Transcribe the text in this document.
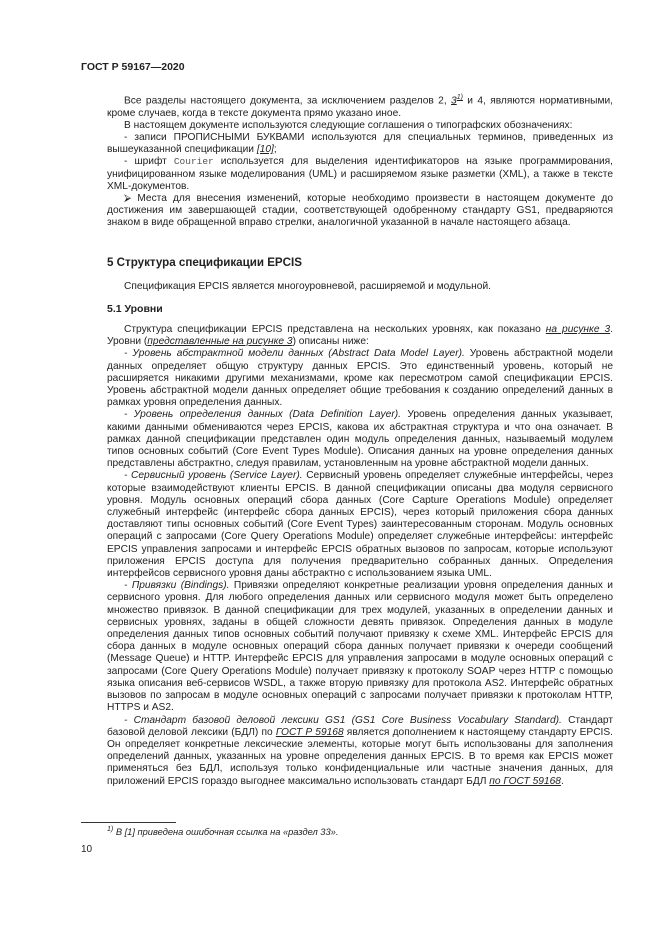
ГОСТ Р 59167—2020

Все разделы настоящего документа, за исключением разделов 2, 3$^{1)}$ и 4, являются нормативными, кроме случаев, когда в тексте документа прямо указано иное.

В настоящем документе используются следующие соглашения о типографских обозначениях:

- записи ПРОПИСНЫМИ БУКВАМИ используются для специальных терминов, приведенных из вышеуказанной спецификации [10];

- шрифт Courier используется для выделения идентификаторов на языке программирования, унифицированном языке моделирования (UML) и расширяемом языке разметки (XML), а также в тексте XML-документов.

⮚ Места для внесения изменений, которые необходимо произвести в настоящем документе до достижения им завершающей стадии, соответствующей одобренному стандарту GS1, предваряются знаком в виде обращенной вправо стрелки, аналогичной указанной в начале настоящего абзаца.

5 Структура спецификации EPCIS

Спецификация EPCIS является многоуровневой, расширяемой и модульной.

5.1 Уровни

Структура спецификации EPCIS представлена на нескольких уровнях, как показано на рисунке 3. Уровни (представленные на рисунке 3) описаны ниже:

- Уровень абстрактной модели данных (Abstract Data Model Layer). Уровень абстрактной модели данных определяет общую структуру данных EPCIS. Это единственный уровень, который не расширяется никакими другими механизмами, кроме как пересмотром самой спецификации EPCIS. Уровень абстрактной модели данных определяет общие требования к созданию определений данных в рамках уровня определения данных.

- Уровень определения данных (Data Definition Layer). Уровень определения данных указывает, какими данными обмениваются через EPCIS, какова их абстрактная структура и что она означает. В рамках данной спецификации представлен один модуль определения данных, называемый модулем типов основных событий (Core Event Types Module). Описания данных на уровне определения данных представлены абстрактно, следуя правилам, установленным на уровне абстрактной модели данных.

- Сервисный уровень (Service Layer). Сервисный уровень определяет служебные интерфейсы, через которые взаимодействуют клиенты EPCIS. В данной спецификации описаны два модуля сервисного уровня. Модуль основных операций сбора данных (Core Capture Operations Module) определяет служебный интерфейс (интерфейс сбора данных EPCIS), через который приложения сбора данных доставляют типы основных событий (Core Event Types) заинтересованным сторонам. Модуль основных операций с запросами (Core Query Operations Module) определяет служебные интерфейсы: интерфейс EPCIS управления запросами и интерфейс EPCIS обратных вызовов по запросам, которые используют приложения EPCIS доступа для получения предварительно собранных данных. Определения интерфейсов сервисного уровня даны абстрактно с использованием языка UML.

- Привязки (Bindings). Привязки определяют конкретные реализации уровня определения данных и сервисного уровня. Для любого определения данных или сервисного модуля может быть определено множество привязок. В данной спецификации для трех модулей, указанных в определении данных и сервисных уровнях, заданы в общей сложности девять привязок. Определения данных в модуле определения данных типов основных событий получают привязку к схеме XML. Интерфейс EPCIS для сбора данных в модуле основных операций сбора данных получает привязки к очереди сообщений (Message Queue) и HTTP. Интерфейс EPCIS для управления запросами в модуле основных операций с запросами (Core Query Operations Module) получает привязку к протоколу SOAP через HTTP с помощью языка описания веб-сервисов WSDL, а также вторую привязку для протокола AS2. Интерфейс обратных вызовов по запросам в модуле основных операций с запросами получает привязки к протоколам HTTP, HTTPS и AS2.

- Стандарт базовой деловой лексики GS1 (GS1 Core Business Vocabulary Standard). Стандарт базовой деловой лексики (БДЛ) по ГОСТ Р 59168 является дополнением к настоящему стандарту EPCIS. Он определяет конкретные лексические элементы, которые могут быть использованы для заполнения определений данных, указанных на уровне определения данных EPCIS. В то время как EPCIS может применяться без БДЛ, используя только конфиденциальные или частные значения данных, для приложений EPCIS гораздо выгоднее максимально использовать стандарт БДЛ по ГОСТ 59168.

$^{1)}$ В [1] приведена ошибочная ссылка на «раздел 33».
10
